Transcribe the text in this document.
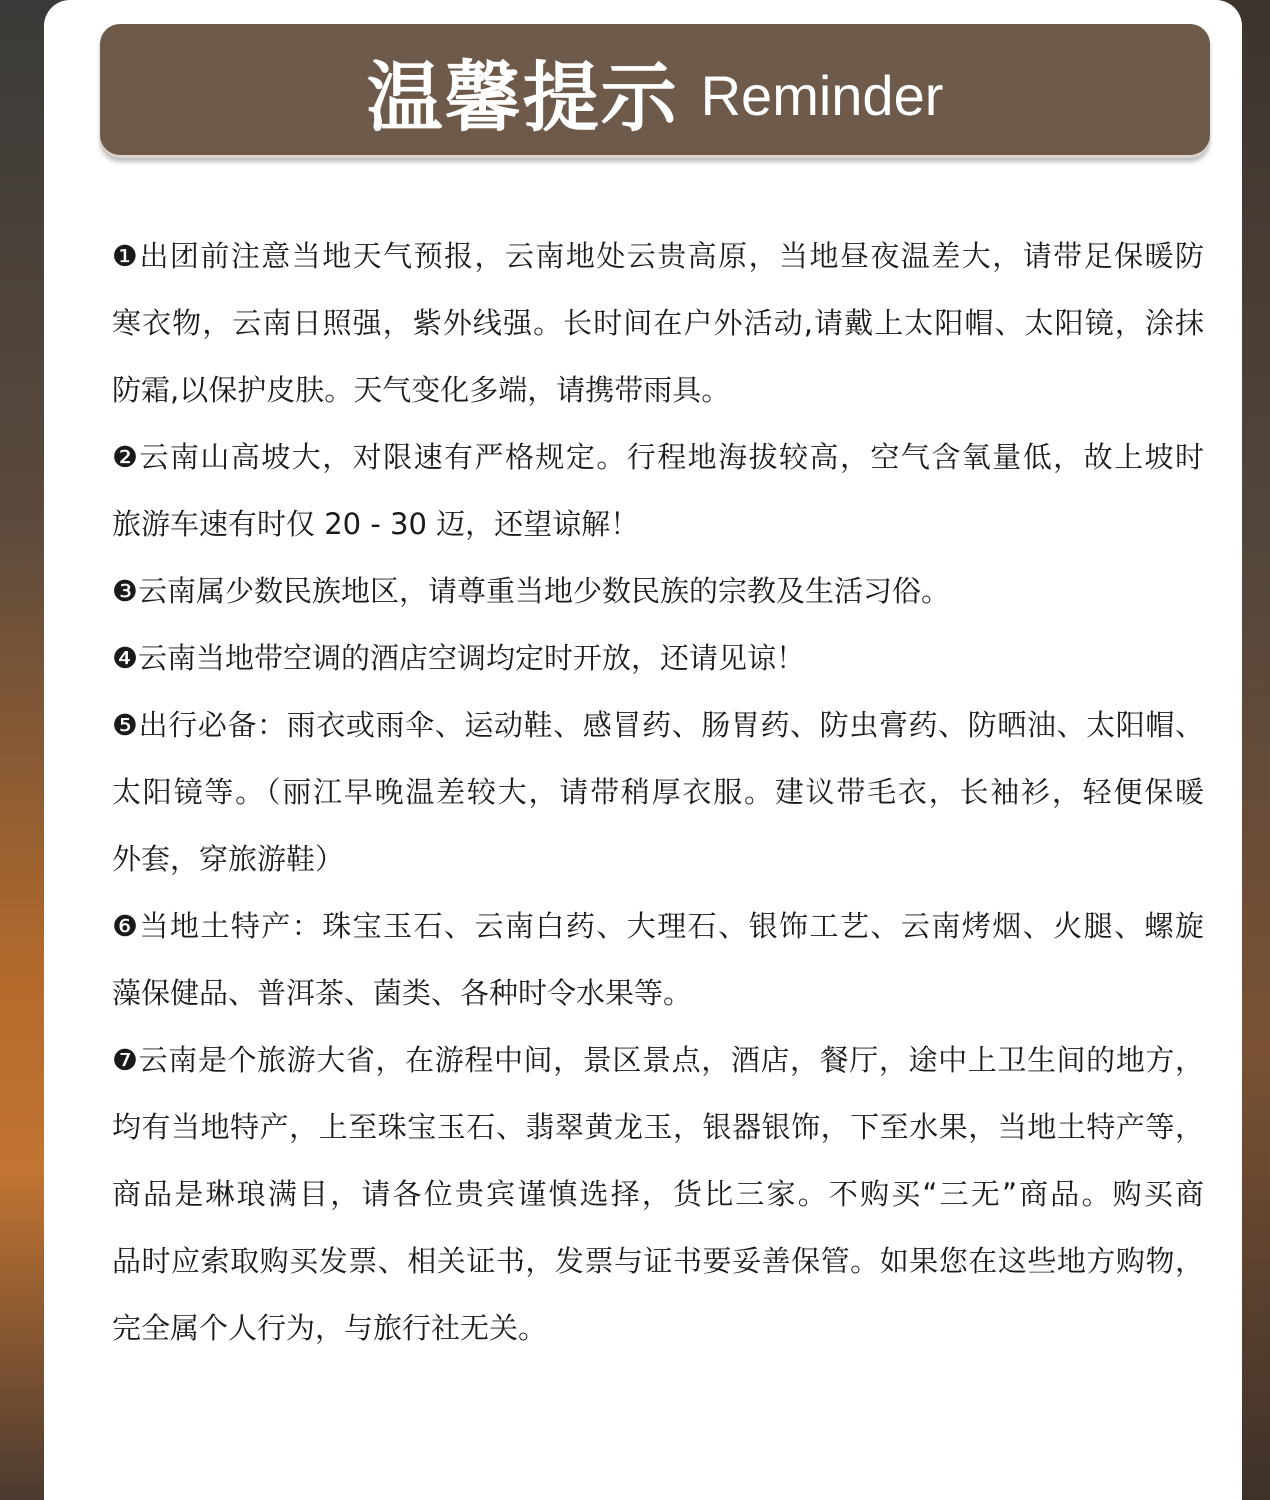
温馨提示 Reminder
❶出团前注意当地天气预报，云南地处云贵高原，当地昼夜温差大，请带足保暖防
寒衣物，云南日照强，紫外线强。长时间在户外活动,请戴上太阳帽、太阳镜，涂抹
防霜,以保护皮肤。天气变化多端，请携带雨具。
❷云南山高坡大，对限速有严格规定。行程地海拔较高，空气含氧量低，故上坡时
旅游车速有时仅 20 - 30 迈，还望谅解！
❸云南属少数民族地区，请尊重当地少数民族的宗教及生活习俗。
❹云南当地带空调的酒店空调均定时开放，还请见谅！
❺出行必备：雨衣或雨伞、运动鞋、感冒药、肠胃药、防虫膏药、防晒油、太阳帽、
太阳镜等。（丽江早晚温差较大，请带稍厚衣服。建议带毛衣，长袖衫，轻便保暖
外套，穿旅游鞋）
❻当地土特产：珠宝玉石、云南白药、大理石、银饰工艺、云南烤烟、火腿、螺旋
藻保健品、普洱茶、菌类、各种时令水果等。
❼云南是个旅游大省，在游程中间，景区景点，酒店，餐厅，途中上卫生间的地方，
均有当地特产，上至珠宝玉石、翡翠黄龙玉，银器银饰，下至水果，当地土特产等，
商品是琳琅满目，请各位贵宾谨慎选择，货比三家。不购买“三无”商品。购买商
品时应索取购买发票、相关证书，发票与证书要妥善保管。如果您在这些地方购物，
完全属个人行为，与旅行社无关。
